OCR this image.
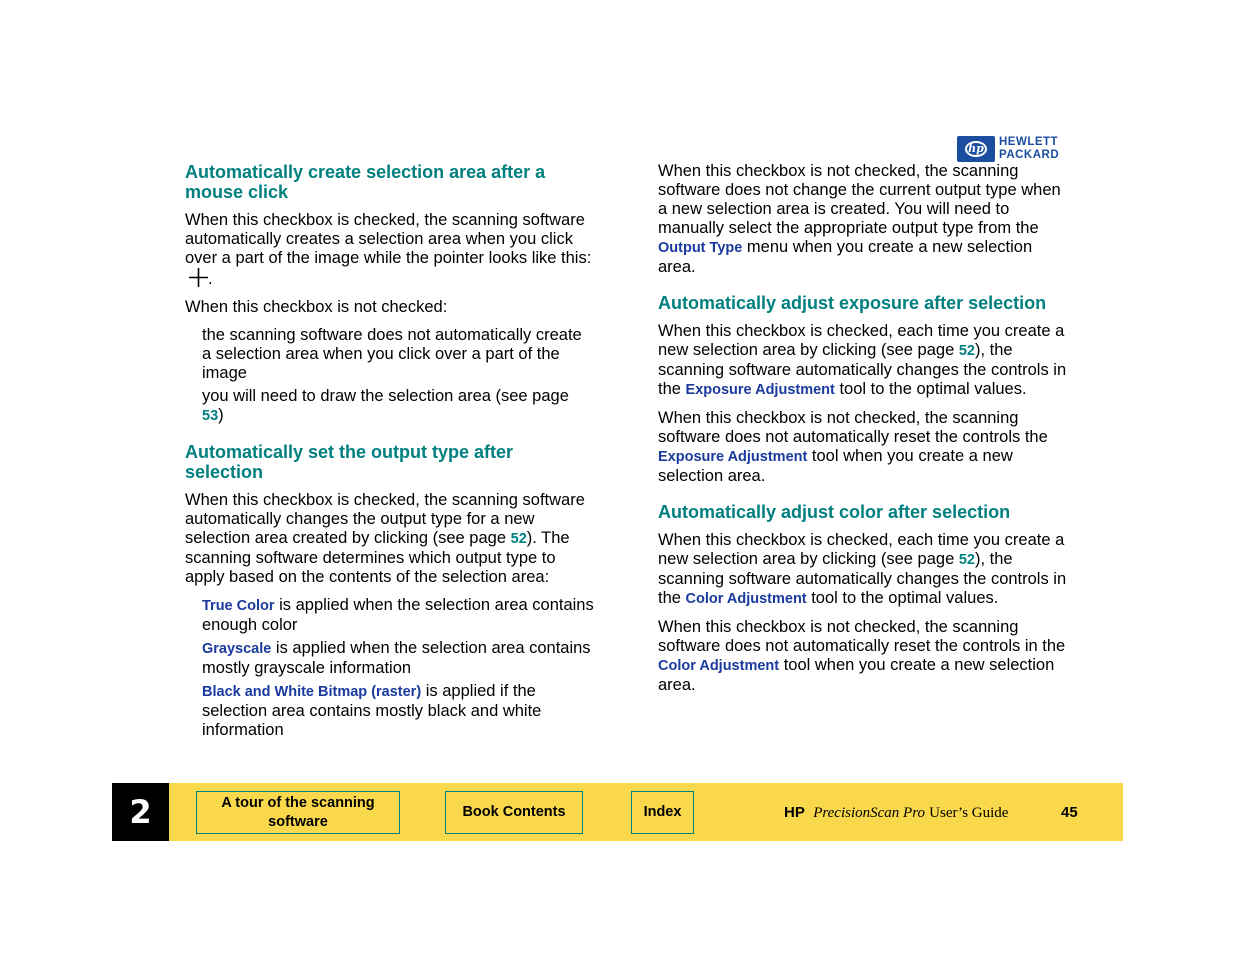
hp HEWLETT
PACKARD
Automatically create selection area after a mouse click

When this checkbox is checked, the scanning software automatically creates a selection area when you click over a part of the image while the pointer looks like this:.

When this checkbox is not checked:

the scanning software does not automatically create a selection area when you click over a part of the image

you will need to draw the selection area (see page 53)

Automatically set the output type after selection

When this checkbox is checked, the scanning software automatically changes the output type for a new selection area created by clicking (see page 52). The scanning software determines which output type to apply based on the contents of the selection area:

True Color is applied when the selection area contains enough color

Grayscale is applied when the selection area contains mostly grayscale information

Black and White Bitmap (raster) is applied if the selection area contains mostly black and white information

When this checkbox is not checked, the scanning software does not change the current output type when a new selection area is created. You will need to manually select the appropriate output type from the Output Type menu when you create a new selection area.

Automatically adjust exposure after selection

When this checkbox is checked, each time you create a new selection area by clicking (see page 52), the scanning software automatically changes the controls in the Exposure Adjustment tool to the optimal values.

When this checkbox is not checked, the scanning software does not automatically reset the controls the Exposure Adjustment tool when you create a new selection area.

Automatically adjust color after selection

When this checkbox is checked, each time you create a new selection area by clicking (see page 52), the scanning software automatically changes the controls in the Color Adjustment tool to the optimal values.

When this checkbox is not checked, the scanning software does not automatically reset the controls in the Color Adjustment tool when you create a new selection area.

2	A tour of the scanning software
Book Contents	Index	HP PrecisionScan Pro User’s Guide	45
